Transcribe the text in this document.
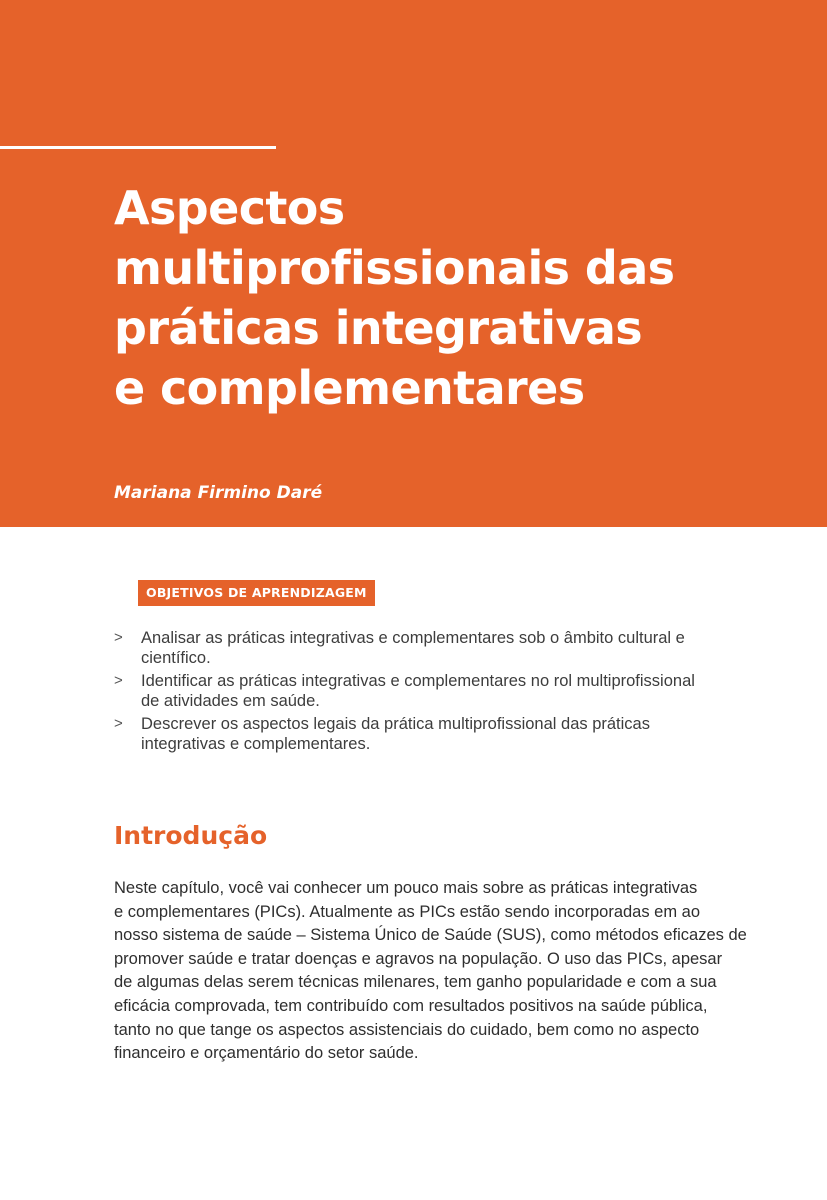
Aspectos
multiprofissionais das
práticas integrativas
e complementares
Mariana Firmino Daré
OBJETIVOS DE APRENDIZAGEM
> Analisar as práticas integrativas e complementares sob o âmbito cultural e científico.
> Identificar as práticas integrativas e complementares no rol multiprofissional de atividades em saúde.
> Descrever os aspectos legais da prática multiprofissional das práticas integrativas e complementares.
Introdução

Neste capítulo, você vai conhecer um pouco mais sobre as práticas integrativas
e complementares (PICs). Atualmente as PICs estão sendo incorporadas em ao
nosso sistema de saúde – Sistema Único de Saúde (SUS), como métodos eficazes de
promover saúde e tratar doenças e agravos na população. O uso das PICs, apesar
de algumas delas serem técnicas milenares, tem ganho popularidade e com a sua
eficácia comprovada, tem contribuído com resultados positivos na saúde pública,
tanto no que tange os aspectos assistenciais do cuidado, bem como no aspecto
financeiro e orçamentário do setor saúde.
